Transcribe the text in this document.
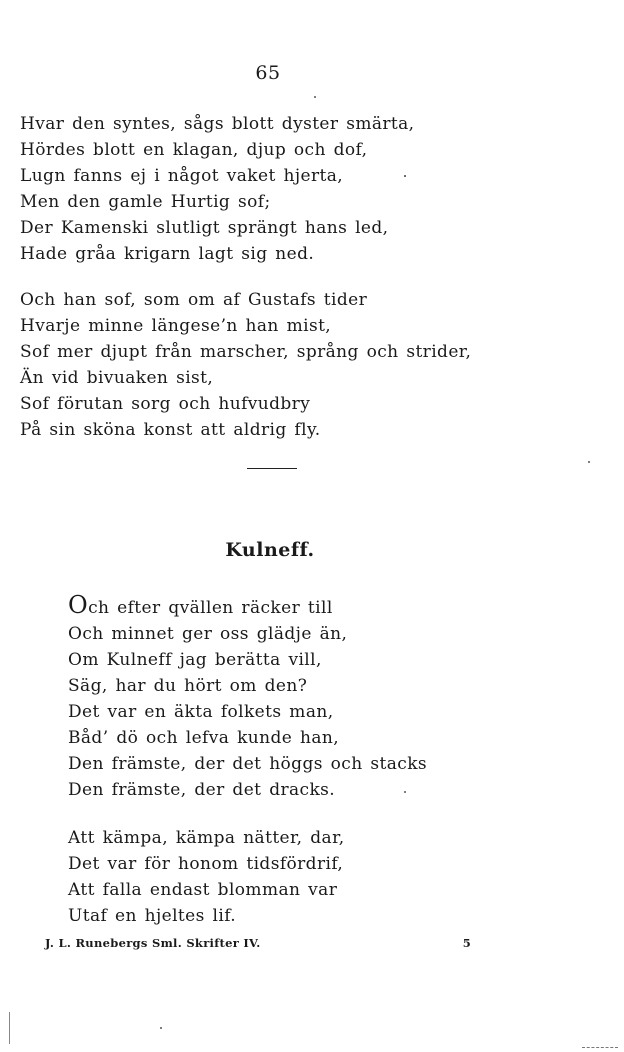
65
Hvar den syntes, sågs blott dyster smärta,
Hördes blott en klagan, djup och dof,
Lugn fanns ej i något vaket hjerta,
Men den gamle Hurtig sof;
Der Kamenski slutligt sprängt hans led,
Hade gråa krigarn lagt sig ned.
Och han sof, som om af Gustafs tider
Hvarje minne längese’n han mist,
Sof mer djupt från marscher, språng och strider,
Än vid bivuaken sist,
Sof förutan sorg och hufvudbry
På sin sköna konst att aldrig fly.
Kulneff.
Och efter qvällen räcker till
Och minnet ger oss glädje än,
Om Kulneff jag berätta vill,
Säg, har du hört om den?
Det var en äkta folkets man,
Båd’ dö och lefva kunde han,
Den främste, der det höggs och stacks
Den främste, der det dracks.
Att kämpa, kämpa nätter, dar,
Det var för honom tidsfördrif,
Att falla endast blomman var
Utaf en hjeltes lif.
J. L. Runebergs Sml. Skrifter IV.	5
